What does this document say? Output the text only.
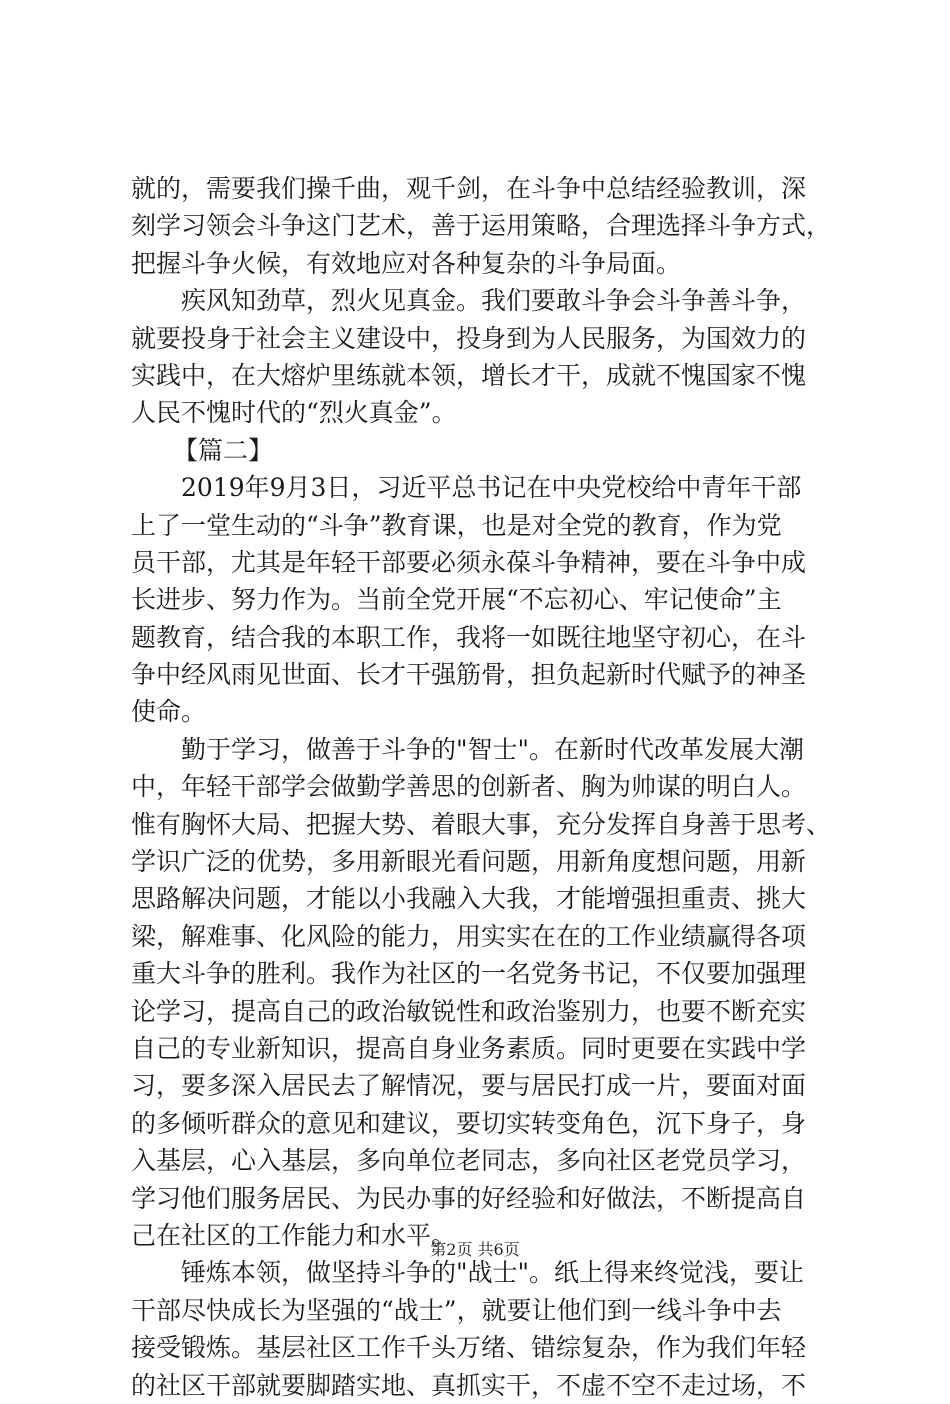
就的，需要我们操千曲，观千剑，在斗争中总结经验教训，深
刻学习领会斗争这门艺术，善于运用策略，合理选择斗争方式，
把握斗争火候，有效地应对各种复杂的斗争局面。
疾风知劲草，烈火见真金。我们要敢斗争会斗争善斗争，
就要投身于社会主义建设中，投身到为人民服务，为国效力的
实践中，在大熔炉里练就本领，增长才干，成就不愧国家不愧
人民不愧时代的“烈火真金”。
【篇二】
2019年9月3日，习近平总书记在中央党校给中青年干部
上了一堂生动的“斗争”教育课，也是对全党的教育，作为党
员干部，尤其是年轻干部要必须永葆斗争精神，要在斗争中成
长进步、努力作为。当前全党开展“不忘初心、牢记使命”主
题教育，结合我的本职工作，我将一如既往地坚守初心，在斗
争中经风雨见世面、长才干强筋骨，担负起新时代赋予的神圣
使命。
勤于学习，做善于斗争的"智士"。在新时代改革发展大潮
中，年轻干部学会做勤学善思的创新者、胸为帅谋的明白人。
惟有胸怀大局、把握大势、着眼大事，充分发挥自身善于思考、
学识广泛的优势，多用新眼光看问题，用新角度想问题，用新
思路解决问题，才能以小我融入大我，才能增强担重责、挑大
梁，解难事、化风险的能力，用实实在在的工作业绩赢得各项
重大斗争的胜利。我作为社区的一名党务书记，不仅要加强理
论学习，提高自己的政治敏锐性和政治鉴别力，也要不断充实
自己的专业新知识，提高自身业务素质。同时更要在实践中学
习，要多深入居民去了解情况，要与居民打成一片，要面对面
的多倾听群众的意见和建议，要切实转变角色，沉下身子，身
入基层，心入基层，多向单位老同志，多向社区老党员学习，
学习他们服务居民、为民办事的好经验和好做法，不断提高自
己在社区的工作能力和水平。
锤炼本领，做坚持斗争的"战士"。纸上得来终觉浅，要让
干部尽快成长为坚强的“战士”，就要让他们到一线斗争中去
接受锻炼。基层社区工作千头万绪、错综复杂，作为我们年轻
的社区干部就要脚踏实地、真抓实干，不虚不空不走过场，不
第2页 共6页
